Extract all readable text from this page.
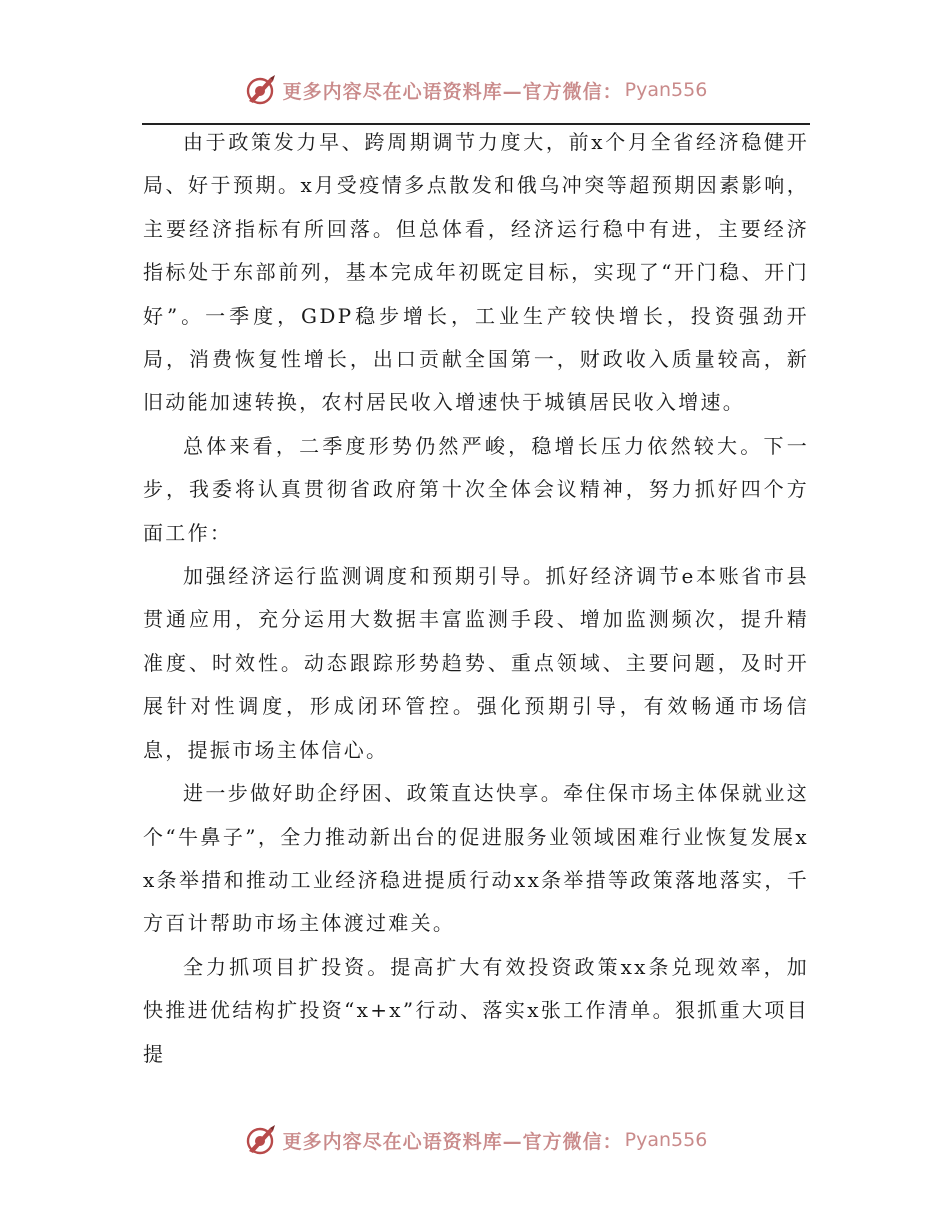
更多内容尽在心语资料库—官方微信： Pyan556

由于政策发力早、跨周期调节力度大，前x个月全省经济稳健开局、好于预期。x月受疫情多点散发和俄乌冲突等超预期因素影响，主要经济指标有所回落。但总体看，经济运行稳中有进，主要经济指标处于东部前列，基本完成年初既定目标，实现了“开门稳、开门好”。一季度，GDP稳步增长，工业生产较快增长，投资强劲开局，消费恢复性增长，出口贡献全国第一，财政收入质量较高，新旧动能加速转换，农村居民收入增速快于城镇居民收入增速。

总体来看，二季度形势仍然严峻，稳增长压力依然较大。下一步，我委将认真贯彻省政府第十次全体会议精神，努力抓好四个方面工作：

加强经济运行监测调度和预期引导。抓好经济调节e本账省市县贯通应用，充分运用大数据丰富监测手段、增加监测频次，提升精准度、时效性。动态跟踪形势趋势、重点领域、主要问题，及时开展针对性调度，形成闭环管控。强化预期引导，有效畅通市场信息，提振市场主体信心。

进一步做好助企纾困、政策直达快享。牵住保市场主体保就业这个“牛鼻子”，全力推动新出台的促进服务业领域困难行业恢复发展xx条举措和推动工业经济稳进提质行动xx条举措等政策落地落实，千方百计帮助市场主体渡过难关。

全力抓项目扩投资。提高扩大有效投资政策xx条兑现效率，加快推进优结构扩投资“x+x”行动、落实x张工作清单。狠抓重大项目提

更多内容尽在心语资料库—官方微信： Pyan556
